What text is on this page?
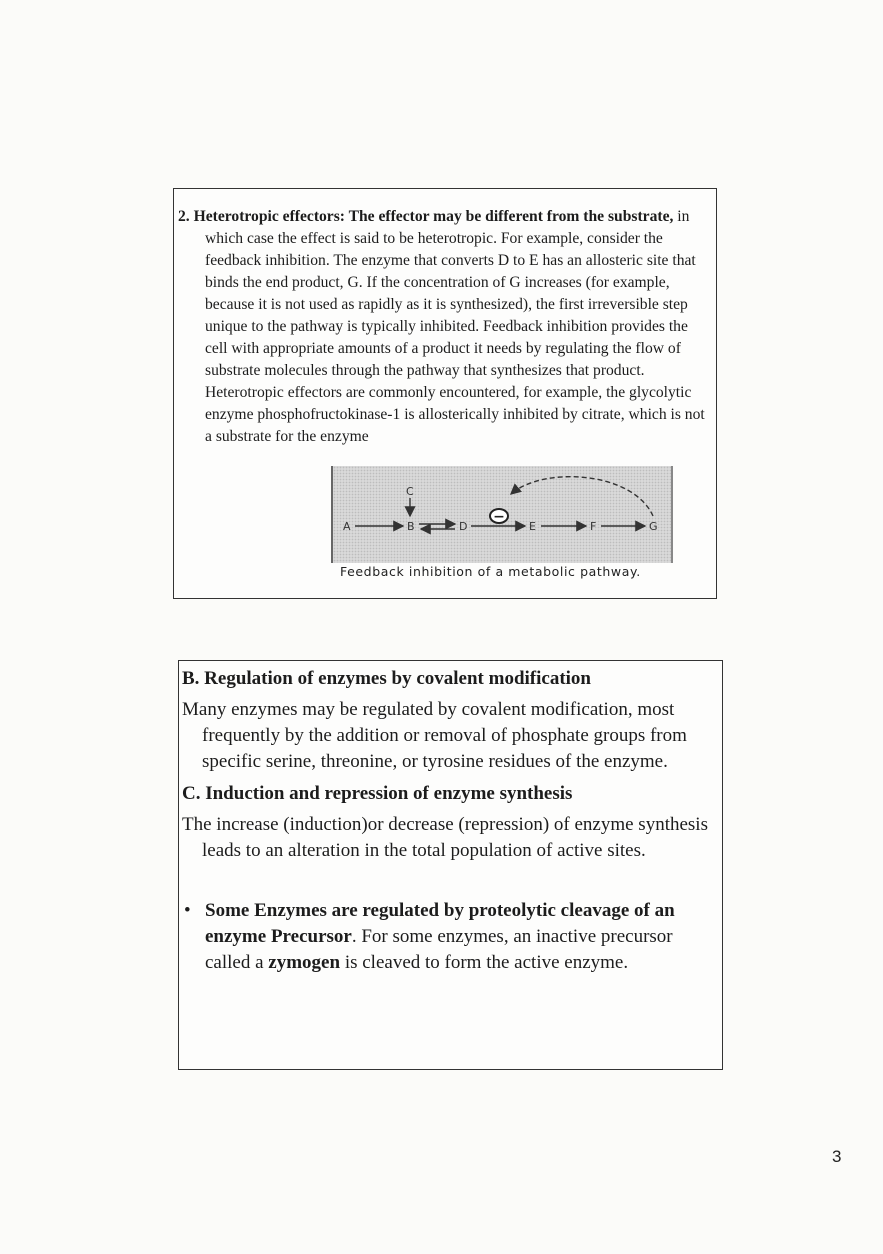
2. Heterotropic effectors: The effector may be different from the substrate, in which case the effect is said to be heterotropic. For example, consider the feedback inhibition. The enzyme that converts D to E has an allosteric site that binds the end product, G. If the concentration of G increases (for example, because it is not used as rapidly as it is synthesized), the first irreversible step unique to the pathway is typically inhibited. Feedback inhibition provides the cell with appropriate amounts of a product it needs by regulating the flow of substrate molecules through the pathway that synthesizes that product. Heterotropic effectors are commonly encountered, for example, the glycolytic enzyme phosphofructokinase-1 is allosterically inhibited by citrate, which is not a substrate for the enzyme

A	B
C
D	E	F	G
−
Feedback inhibition of a metabolic pathway.
B. Regulation of enzymes by covalent modification

Many enzymes may be regulated by covalent modification, most frequently by the addition or removal of phosphate groups from specific serine, threonine, or tyrosine residues of the enzyme.

C. Induction and repression of enzyme synthesis

The increase (induction)or decrease (repression) of enzyme synthesis leads to an alteration in the total population of active sites.

• Some Enzymes are regulated by proteolytic cleavage of an enzyme Precursor. For some enzymes, an inactive precursor called a zymogen is cleaved to form the active enzyme.

3
